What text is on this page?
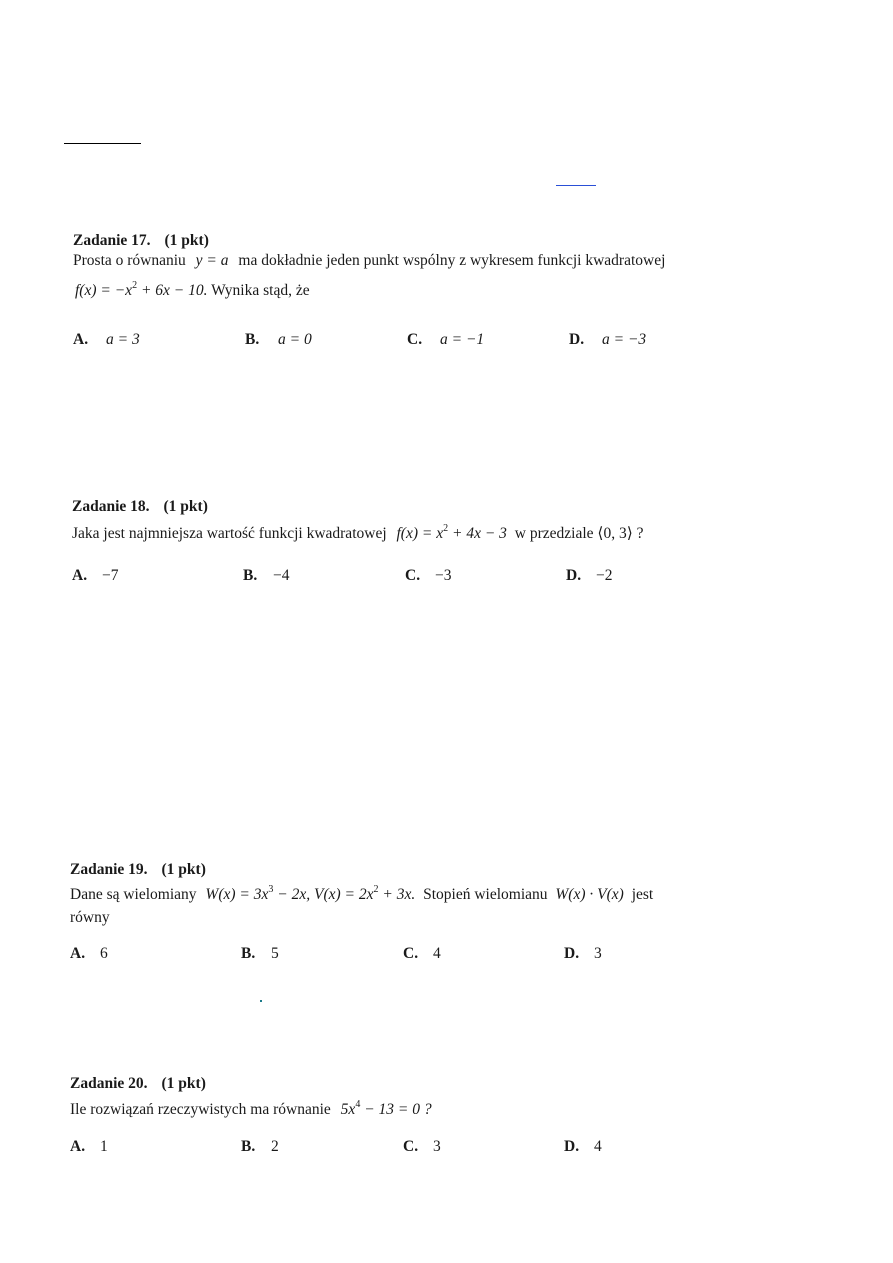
Zadanie 17. (1 pkt)
Prosta o równaniu y = a ma dokładnie jeden punkt wspólny z wykresem funkcji kwadratowej
$f(x) = -x^2 + 6x - 10$. Wynika stąd, że
A. a = 3	B. a = 0	C. a = −1	D. a = −3
Zadanie 18. (1 pkt)
Jaka jest najmniejsza wartość funkcji kwadratowej $f(x) = x^2 + 4x - 3$ w przedziale ⟨0, 3⟩ ?
A. −7	B. −4	C. −3	D. −2
Zadanie 19. (1 pkt)
Dane są wielomiany $W(x) = 3x^3 - 2x$, $V(x) = 2x^2 + 3x$. Stopień wielomianu W(x) · V(x) jest
równy
A. 6	B. 5	C. 4	D. 3
Zadanie 20. (1 pkt)
Ile rozwiązań rzeczywistych ma równanie $5x^4 - 13 = 0$ ?
A. 1	B. 2	C. 3	D. 4
